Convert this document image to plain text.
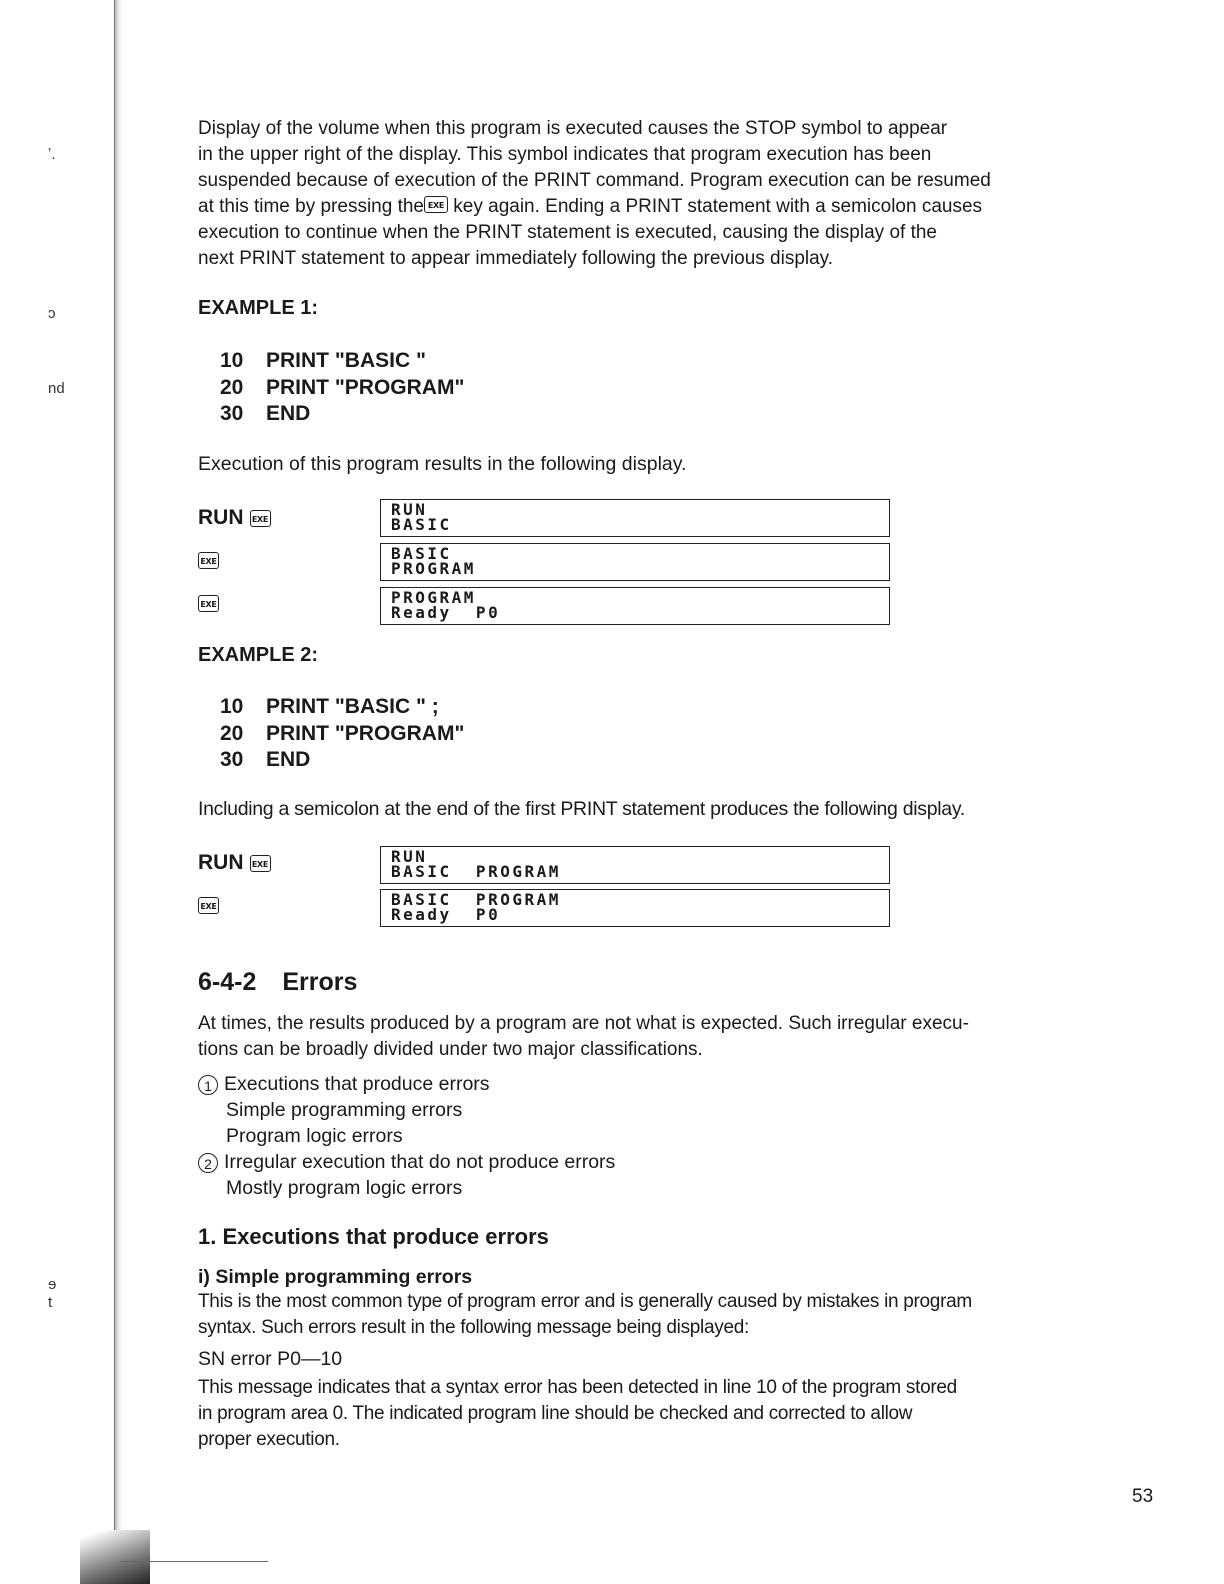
ʼ.
ɔ
nd
ɘ
t
Display of the volume when this program is executed causes the STOP symbol to appear
in the upper right of the display. This symbol indicates that program execution has been
suspended because of execution of the PRINT command. Program execution can be resumed
at this time by pressing the EXE key again. Ending a PRINT statement with a semicolon causes
execution to continue when the PRINT statement is executed, causing the display of the
next PRINT statement to appear immediately following the previous display.
EXAMPLE 1:
10 PRINT "BASIC "
20 PRINT "PROGRAM"
30 END
Execution of this program results in the following display.
RUN EXE
EXE
EXE
RUN
BASIC
BASIC
PROGRAM
PROGRAM
Ready  P0
EXAMPLE 2:
10 PRINT "BASIC " ;
20 PRINT "PROGRAM"
30 END
Including a semicolon at the end of the first PRINT statement produces the following display.
RUN EXE
EXE
RUN
BASIC  PROGRAM
BASIC  PROGRAM
Ready  P0
6-4-2 Errors
At times, the results produced by a program are not what is expected. Such irregular execu-
tions can be broadly divided under two major classifications.
1 Executions that produce errors
Simple programming errors
Program logic errors
2 Irregular execution that do not produce errors
Mostly program logic errors
1. Executions that produce errors
i) Simple programming errors
This is the most common type of program error and is generally caused by mistakes in program
syntax. Such errors result in the following message being displayed:
SN error P0—10
This message indicates that a syntax error has been detected in line 10 of the program stored
in program area 0. The indicated program line should be checked and corrected to allow
proper execution.
53
